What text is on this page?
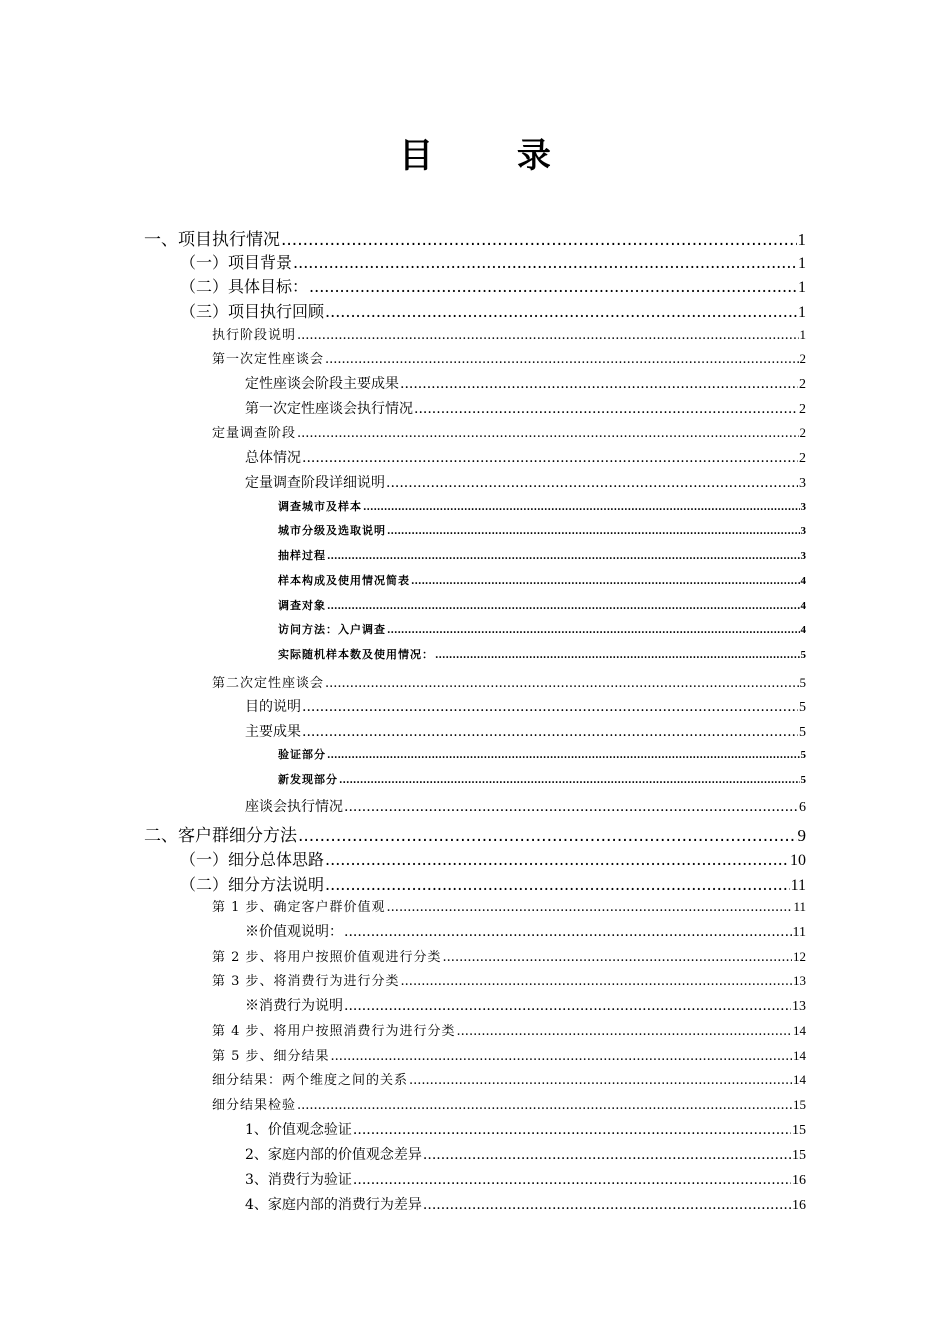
目 录
一、项目执行情况 .....	1
（一）项目背景 .....	1
（二）具体目标： .....	1
（三）项目执行回顾 .....	1
执行阶段说明 .....	1
第一次定性座谈会 .....	2
定性座谈会阶段主要成果 .....	2
第一次定性座谈会执行情况 .....	2
定量调查阶段 .....	2
总体情况 .....	2
定量调查阶段详细说明 .....	3
调查城市及样本 .....	3
城市分级及选取说明 .....	3
抽样过程 .....	3
样本构成及使用情况简表 .....	4
调查对象 .....	4
访问方法：入户调查 .....	4
实际随机样本数及使用情况： .....	5
第二次定性座谈会 .....	5
目的说明 .....	5
主要成果 .....	5
验证部分 .....	5
新发现部分 .....	5
座谈会执行情况 .....	6
二、客户群细分方法 .....	9
（一）细分总体思路 .....	10
（二）细分方法说明 .....	11
第 1 步、确定客户群价值观 .....	11
※价值观说明： .....	11
第 2 步、将用户按照价值观进行分类 .....	12
第 3 步、将消费行为进行分类 .....	13
※消费行为说明 .....	13
第 4 步、将用户按照消费行为进行分类 .....	14
第 5 步、细分结果 .....	14
细分结果：两个维度之间的关系 .....	14
细分结果检验 .....	15
1、价值观念验证 .....	15
2、家庭内部的价值观念差异 .....	15
3、消费行为验证 .....	16
4、家庭内部的消费行为差异 .....	16
